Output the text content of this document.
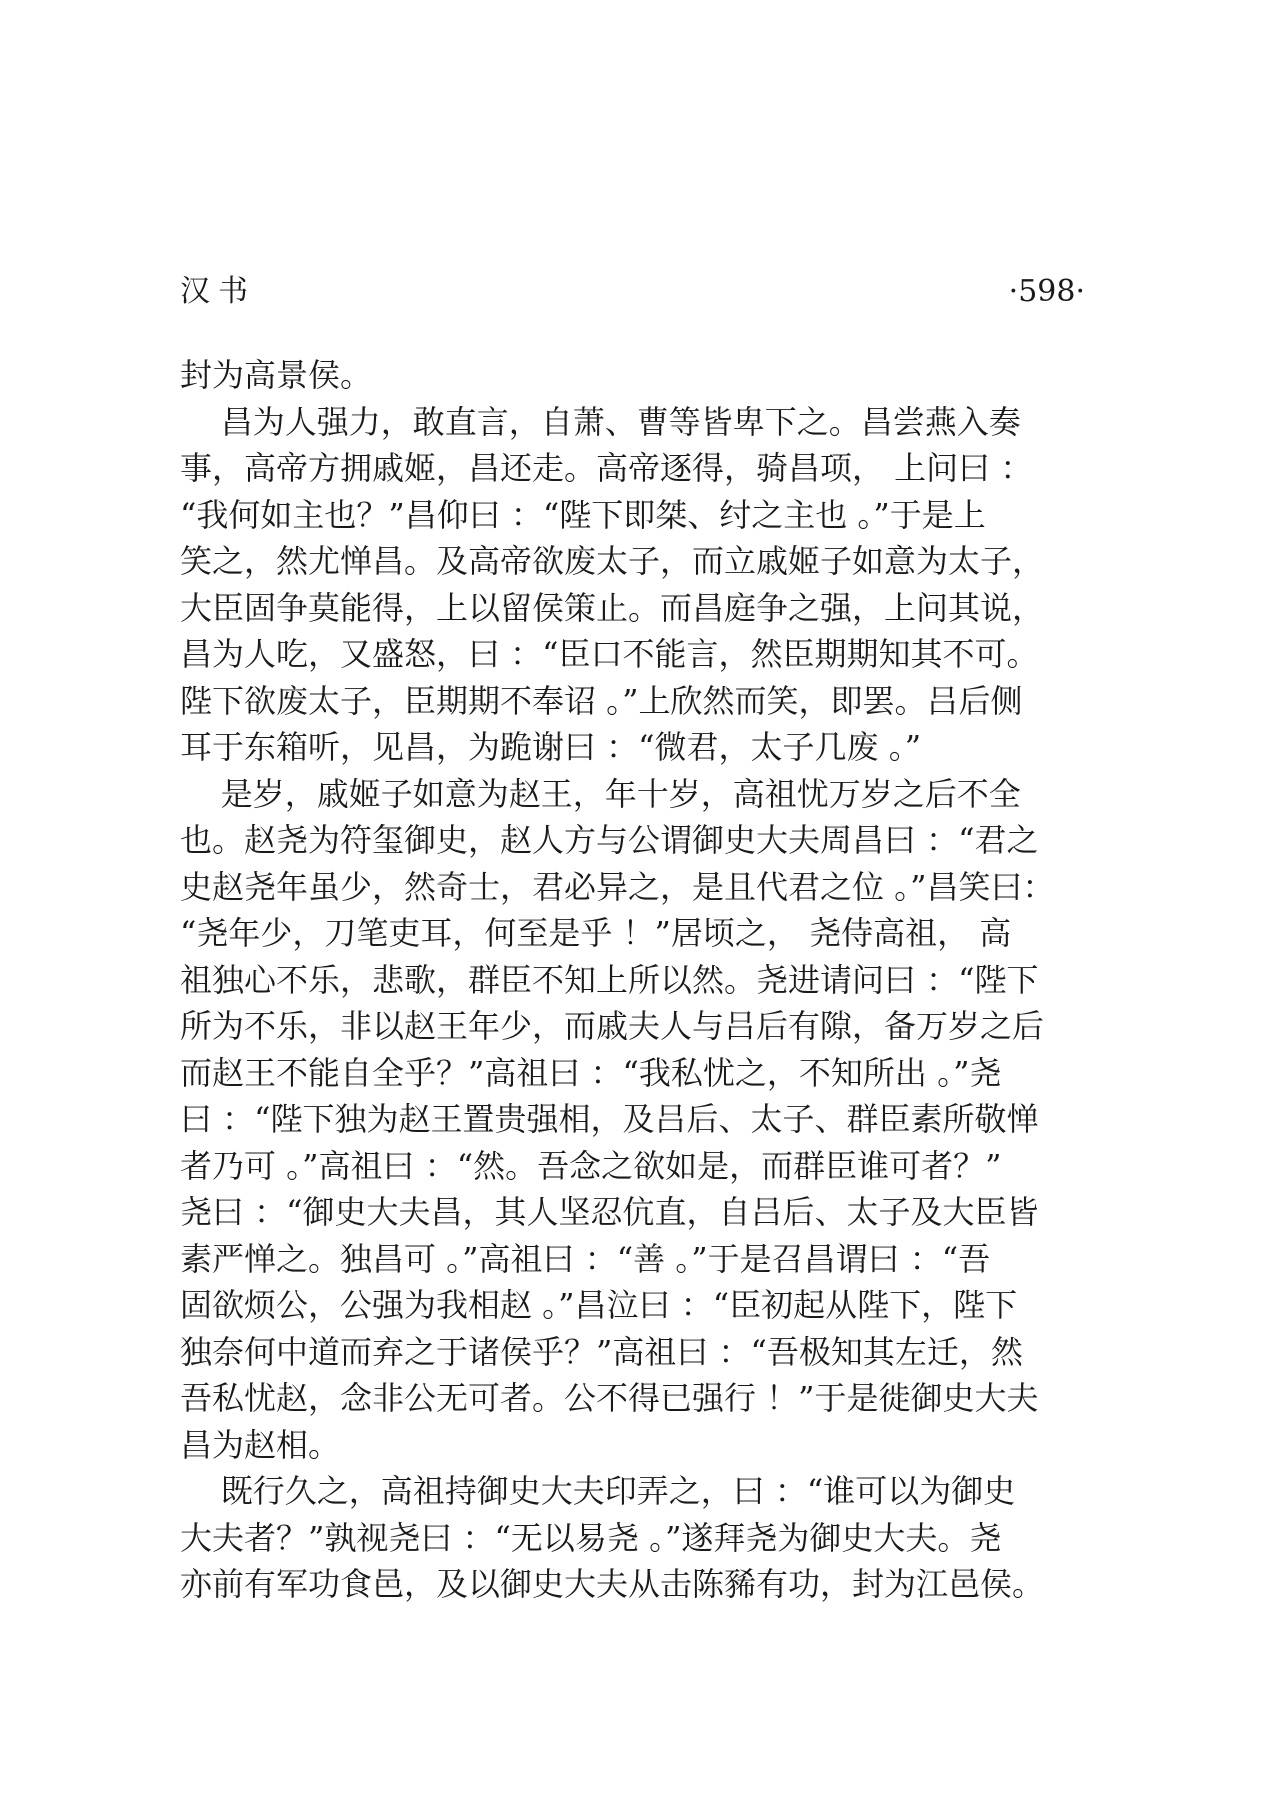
汉书	·598·
封为高景侯。
昌为人强力，敢直言，自萧、曹等皆卑下之。昌尝燕入奏
事，高帝方拥戚姬，昌还走。高帝逐得，骑昌项， 上问曰 ：
“我何如主也？”昌仰曰 ：“陛下即桀、纣之主也 。”于是上
笑之，然尤惮昌。及高帝欲废太子，而立戚姬子如意为太子，
大臣固争莫能得，上以留侯策止。而昌庭争之强，上问其说，
昌为人吃，又盛怒，曰 ：“臣口不能言，然臣期期知其不可。
陛下欲废太子，臣期期不奉诏 。”上欣然而笑，即罢。吕后侧
耳于东箱听，见昌，为跪谢曰 ：“微君，太子几废 。”
是岁，戚姬子如意为赵王，年十岁，高祖忧万岁之后不全
也。赵尧为符玺御史，赵人方与公谓御史大夫周昌曰 ：“君之
史赵尧年虽少，然奇士，君必异之，是且代君之位 。”昌笑曰：
“尧年少，刀笔吏耳，何至是乎 ！”居顷之， 尧侍高祖， 高
祖独心不乐，悲歌，群臣不知上所以然。尧进请问曰 ：“陛下
所为不乐，非以赵王年少，而戚夫人与吕后有隙，备万岁之后
而赵王不能自全乎？”高祖曰 ：“我私忧之，不知所出 。”尧
曰 ：“陛下独为赵王置贵强相，及吕后、太子、群臣素所敬惮
者乃可 。”高祖曰 ：“然。吾念之欲如是，而群臣谁可者？”
尧曰 ：“御史大夫昌，其人坚忍伉直，自吕后、太子及大臣皆
素严惮之。独昌可 。”高祖曰 ：“善 。”于是召昌谓曰 ：“吾
固欲烦公，公强为我相赵 。”昌泣曰 ：“臣初起从陛下，陛下
独奈何中道而弃之于诸侯乎？”高祖曰 ：“吾极知其左迁，然
吾私忧赵，念非公无可者。公不得已强行 ！”于是徙御史大夫
昌为赵相。
既行久之，高祖持御史大夫印弄之，曰 ：“谁可以为御史
大夫者？”孰视尧曰 ：“无以易尧 。”遂拜尧为御史大夫。尧
亦前有军功食邑，及以御史大夫从击陈豨有功，封为江邑侯。
